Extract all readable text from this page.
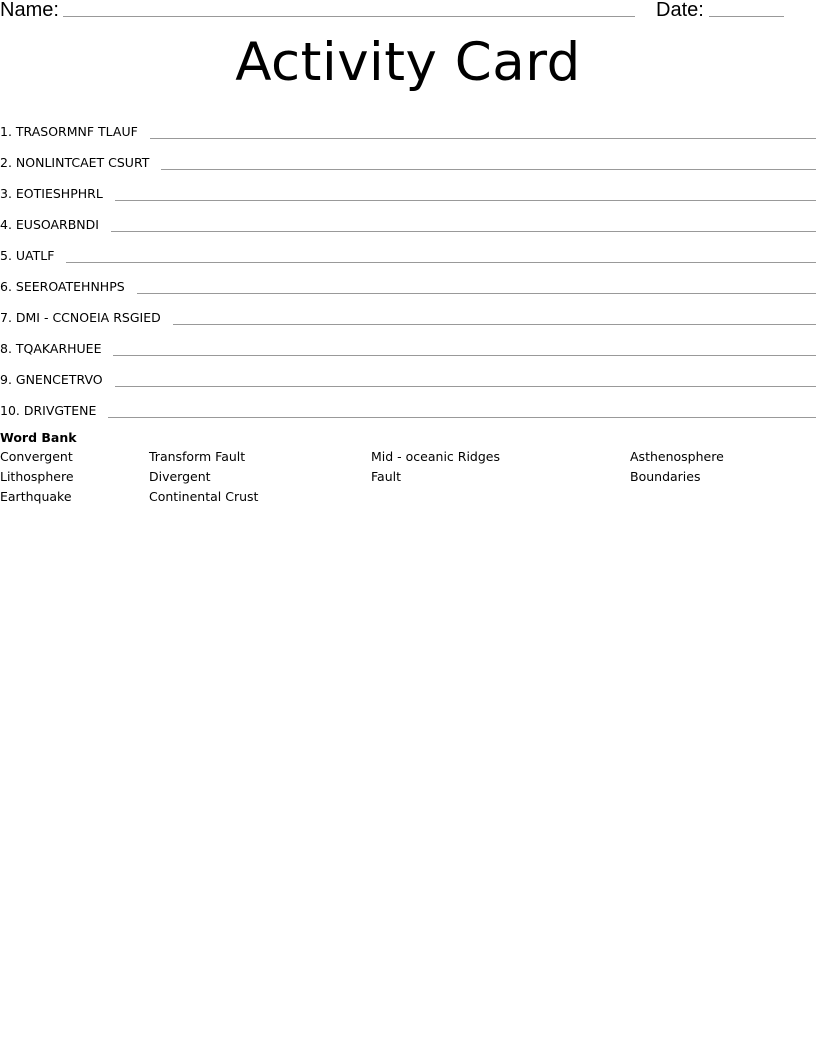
Name:	Date:
Activity Card
1. TRASORMNF TLAUF
2. NONLINTCAET CSURT
3. EOTIESHPHRL
4. EUSOARBNDI
5. UATLF
6. SEEROATEHNHPS
7. DMI - CCNOEIA RSGIED
8. TQAKARHUEE
9. GNENCETRVO
10. DRIVGTENE
Word Bank
Convergent	Transform Fault	Mid - oceanic Ridges	Asthenosphere
Lithosphere	Divergent	Fault	Boundaries
Earthquake	Continental Crust
